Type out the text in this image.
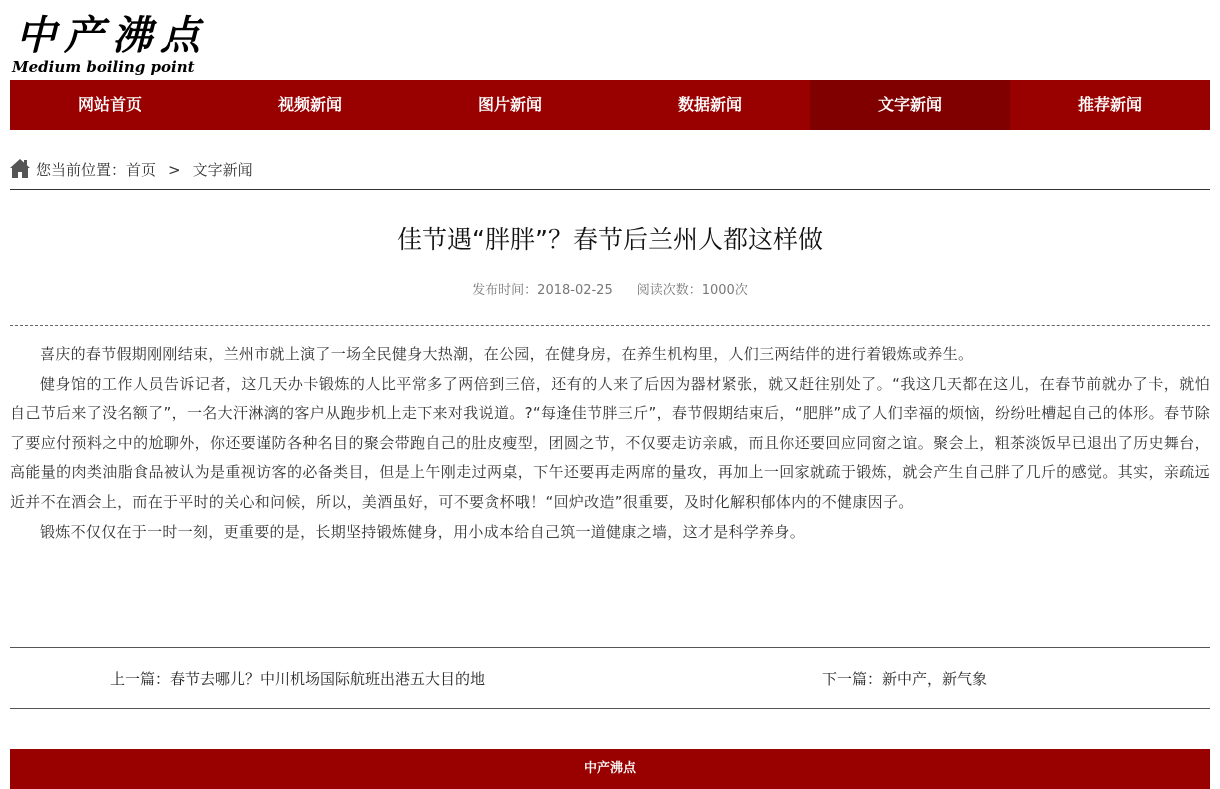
中产沸点
Medium boiling point
网站首页	视频新闻	图片新闻	数据新闻	文字新闻	推荐新闻
您当前位置： 首页 > 文字新闻
佳节遇“胖胖”？春节后兰州人都这样做
发布时间：2018-02-25 阅读次数：1000次

喜庆的春节假期刚刚结束，兰州市就上演了一场全民健身大热潮，在公园，在健身房，在养生机构里，人们三两结伴的进行着锻炼或养生。

健身馆的工作人员告诉记者，这几天办卡锻炼的人比平常多了两倍到三倍，还有的人来了后因为器材紧张，就又赶往别处了。“我这几天都在这儿，在春节前就办了卡，就怕自己节后来了没名额了”，一名大汗淋漓的客户从跑步机上走下来对我说道。?“每逢佳节胖三斤”，春节假期结束后，“肥胖”成了人们幸福的烦恼，纷纷吐槽起自己的体形。春节除了要应付预料之中的尬聊外，你还要谨防各种名目的聚会带跑自己的肚皮瘦型，团圆之节，不仅要走访亲戚，而且你还要回应同窗之谊。聚会上，粗茶淡饭早已退出了历史舞台，高能量的肉类油脂食品被认为是重视访客的必备类目，但是上午刚走过两桌，下午还要再走两席的量攻，再加上一回家就疏于锻炼，就会产生自己胖了几斤的感觉。其实，亲疏远近并不在酒会上，而在于平时的关心和问候，所以，美酒虽好，可不要贪杯哦！“回炉改造”很重要，及时化解积郁体内的不健康因子。

锻炼不仅仅在于一时一刻，更重要的是，长期坚持锻炼健身，用小成本给自己筑一道健康之墙，这才是科学养身。

上一篇：春节去哪儿？中川机场国际航班出港五大目的地	下一篇：新中产，新气象
中产沸点
